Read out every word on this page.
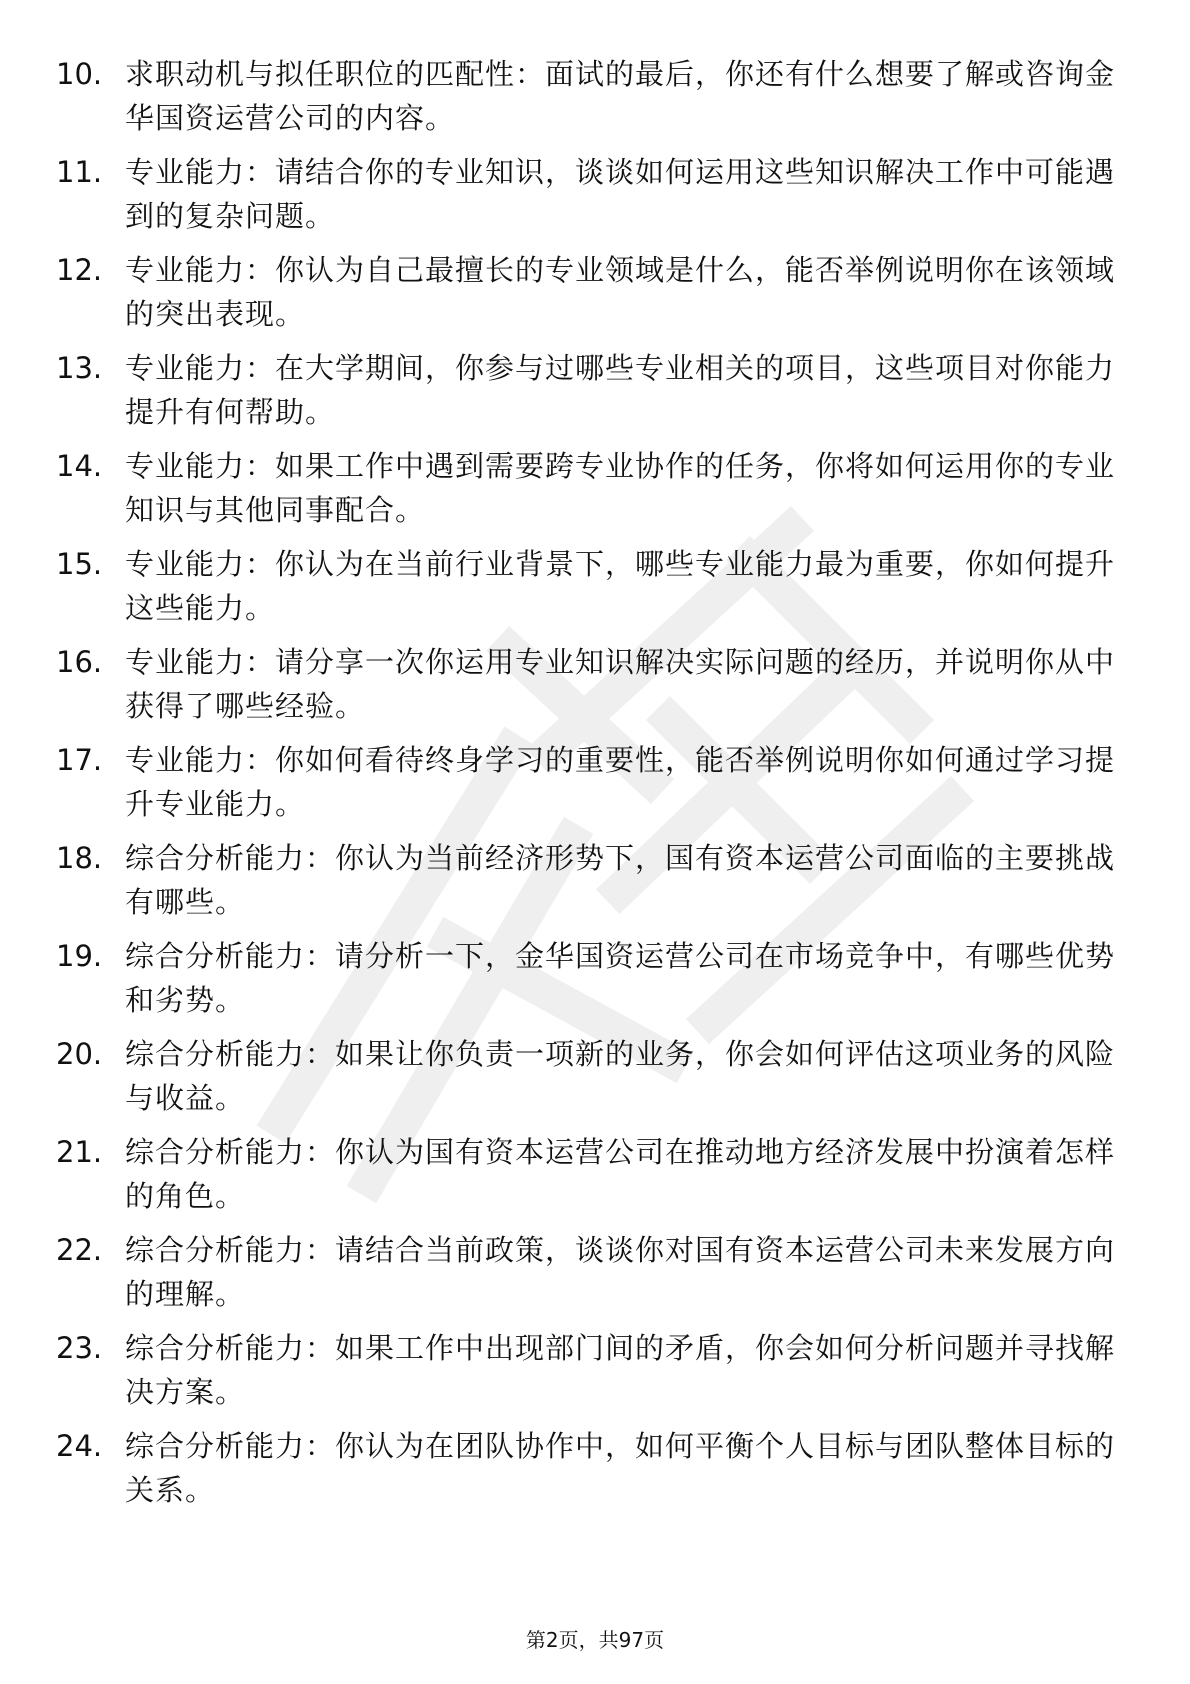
10. 求职动机与拟任职位的匹配性：面试的最后，你还有什么想要了解或咨询金华国资运营公司的内容。
11. 专业能力：请结合你的专业知识，谈谈如何运用这些知识解决工作中可能遇到的复杂问题。
12. 专业能力：你认为自己最擅长的专业领域是什么，能否举例说明你在该领域的突出表现。
13. 专业能力：在大学期间，你参与过哪些专业相关的项目，这些项目对你能力提升有何帮助。
14. 专业能力：如果工作中遇到需要跨专业协作的任务，你将如何运用你的专业知识与其他同事配合。
15. 专业能力：你认为在当前行业背景下，哪些专业能力最为重要，你如何提升这些能力。
16. 专业能力：请分享一次你运用专业知识解决实际问题的经历，并说明你从中获得了哪些经验。
17. 专业能力：你如何看待终身学习的重要性，能否举例说明你如何通过学习提升专业能力。
18. 综合分析能力：你认为当前经济形势下，国有资本运营公司面临的主要挑战有哪些。
19. 综合分析能力：请分析一下，金华国资运营公司在市场竞争中，有哪些优势和劣势。
20. 综合分析能力：如果让你负责一项新的业务，你会如何评估这项业务的风险与收益。
21. 综合分析能力：你认为国有资本运营公司在推动地方经济发展中扮演着怎样的角色。
22. 综合分析能力：请结合当前政策，谈谈你对国有资本运营公司未来发展方向的理解。
23. 综合分析能力：如果工作中出现部门间的矛盾，你会如何分析问题并寻找解决方案。
24. 综合分析能力：你认为在团队协作中，如何平衡个人目标与团队整体目标的关系。
第2页，共97页
